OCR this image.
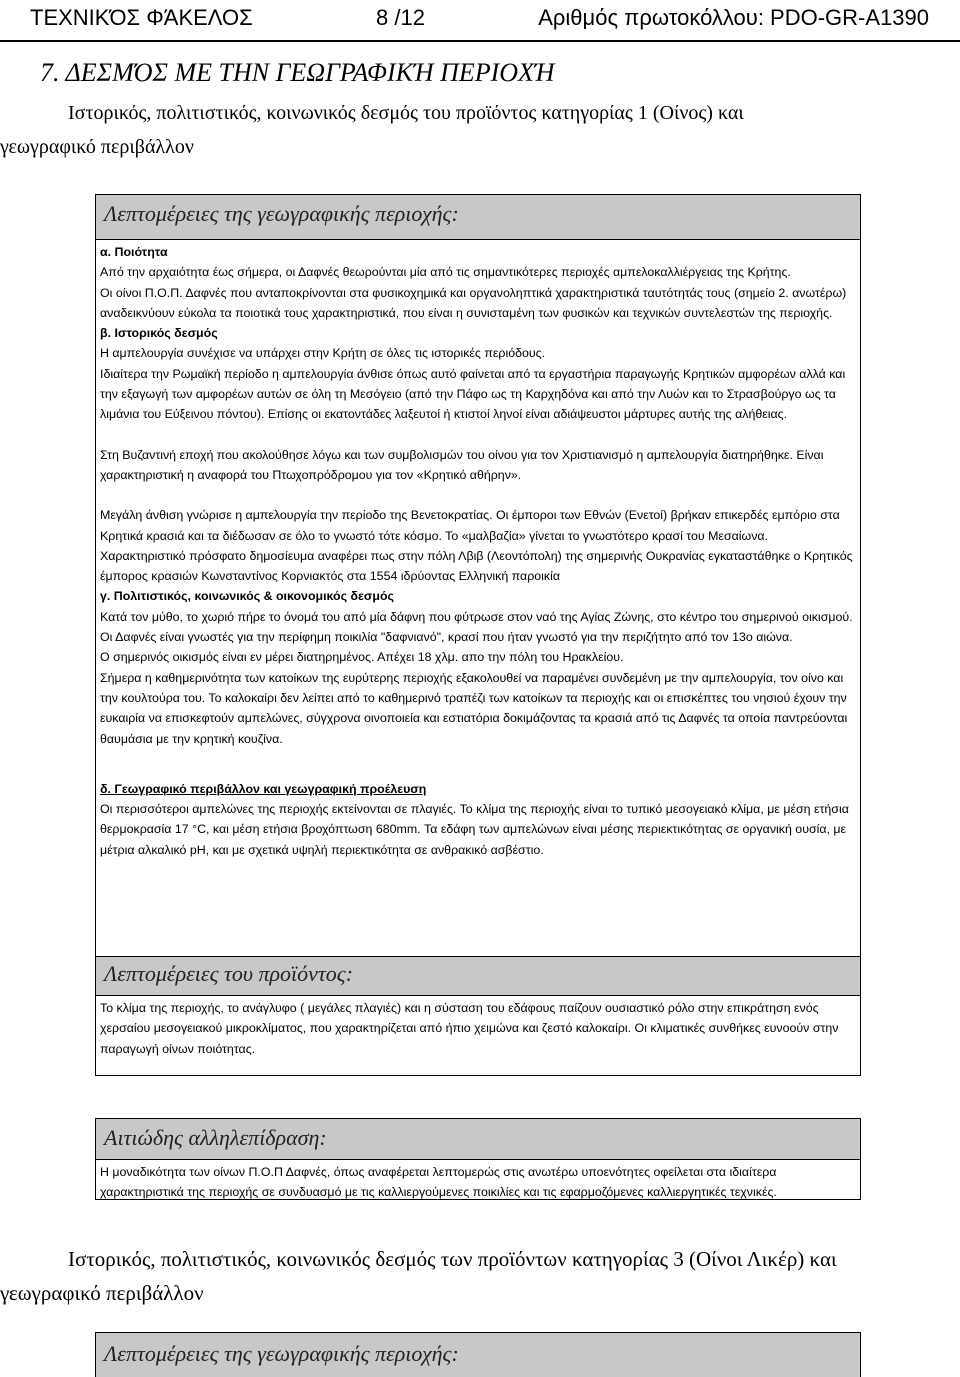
ΤΕΧΝΙΚΌΣ ΦΆΚΕΛΟΣ	8 /12	Αριθμός πρωτοκόλλου: PDO-GR-A1390
7. ΔΕΣΜΌΣ ΜΕ ΤΗΝ ΓΕΩΓΡΑΦΙΚΉ ΠΕΡΙΟΧΉ
Ιστορικός, πολιτιστικός, κοινωνικός δεσμός του προϊόντος κατηγορίας 1 (Οίνος) και
γεωγραφικό περιβάλλον
Λεπτομέρειες της γεωγραφικής περιοχής:

α. Ποιότητα

Από την αρχαιότητα έως σήμερα, οι Δαφνές θεωρούνται μία από τις σημαντικότερες περιοχές αμπελοκαλλιέργειας της Κρήτης.

Οι οίνοι Π.Ο.Π. Δαφνές που ανταποκρίνονται στα φυσικοχημικά και οργανοληπτικά χαρακτηριστικά ταυτότητάς τους (σημείο 2. ανωτέρω) αναδεικνύουν εύκολα τα ποιοτικά τους χαρακτηριστικά, που είναι η συνισταμένη των φυσικών και τεχνικών συντελεστών της περιοχής.

β. Ιστορικός δεσμός

Η αμπελουργία συνέχισε να υπάρχει στην Κρήτη σε όλες τις ιστορικές περιόδους.

Ιδιαίτερα την Ρωμαϊκή περίοδο η αμπελουργία άνθισε όπως αυτό φαίνεται από τα εργαστήρια παραγωγής Κρητικών αμφορέων αλλά και την εξαγωγή των αμφορέων αυτών σε όλη τη Μεσόγειο (από την Πάφο ως τη Καρχηδόνα και από την Λυών και το Στρασβούργο ως τα λιμάνια του Εύξεινου πόντου). Επίσης οι εκατοντάδες λαξευτοί ή κτιστοί ληνοί είναι αδιάψευστοι μάρτυρες αυτής της αλήθειας.

Στη Βυζαντινή εποχή που ακολούθησε λόγω και των συμβολισμών του οίνου για τον Χριστιανισμό η αμπελουργία διατηρήθηκε. Είναι χαρακτηριστική η αναφορά του Πτωχοπρόδρομου για τον «Κρητικό αθήρην».

Μεγάλη άνθιση γνώρισε η αμπελουργία την περίοδο της Βενετοκρατίας. Οι έμποροι των Εθνών (Ενετοί) βρήκαν επικερδές εμπόριο στα Κρητικά κρασιά και τα διέδωσαν σε όλο το γνωστό τότε κόσμο. Το «μαλβαζία» γίνεται το γνωστότερο κρασί του Μεσαίωνα. Χαρακτηριστικό πρόσφατο δημοσίευμα αναφέρει πως στην πόλη Λβιβ (Λεοντόπολη) της σημερινής Ουκρανίας εγκαταστάθηκε ο Κρητικός έμπορος κρασιών Κωνσταντίνος Κορνιακτός στα 1554 ιδρύοντας Ελληνική παροικία

γ. Πολιτιστικός, κοινωνικός & οικονομικός δεσμός

Κατά τον μύθο, το χωριό πήρε το όνομά του από μία δάφνη που φύτρωσε στον ναό της Αγίας Ζώνης, στο κέντρο του σημερινού οικισμού.

Οι Δαφνές είναι γνωστές για την περίφημη ποικιλία "δαφνιανό", κρασί που ήταν γνωστό για την περιζήτητο από τον 13ο αιώνα.

Ο σημερινός οικισμός είναι εν μέρει διατηρημένος. Απέχει 18 χλμ. απο την πόλη του Ηρακλείου.

Σήμερα η καθημερινότητα των κατοίκων της ευρύτερης περιοχής εξακολουθεί να παραμένει συνδεμένη με την αμπελουργία, τον οίνο και την κουλτούρα του. Το καλοκαίρι δεν λείπει από το καθημερινό τραπέζι των κατοίκων τα περιοχής και οι επισκέπτες του νησιού έχουν την ευκαιρία να επισκεφτούν αμπελώνες, σύγχρονα οινοποιεία και εστιατόρια δοκιμάζοντας τα κρασιά από τις Δαφνές τα οποία παντρεύονται θαυμάσια με την κρητική κουζίνα.

δ. Γεωγραφικό περιβάλλον και γεωγραφική προέλευση

Οι περισσότεροι αμπελώνες της περιοχής εκτείνονται σε πλαγιές. Το κλίμα της περιοχής είναι το τυπικό μεσογειακό κλίμα, με μέση ετήσια θερμοκρασία 17 °C, και μέση ετήσια βροχόπτωση 680mm. Τα εδάφη των αμπελώνων είναι μέσης περιεκτικότητας σε οργανική ουσία, με μέτρια αλκαλικό pH, και με σχετικά υψηλή περιεκτικότητα σε ανθρακικό ασβέστιο.

Λεπτομέρειες του προϊόντος:

Το κλίμα της περιοχής, το ανάγλυφο ( μεγάλες πλαγιές) και η σύσταση του εδάφους παίζουν ουσιαστικό ρόλο στην επικράτηση ενός χερσαίου μεσογειακού μικροκλίματος, που χαρακτηρίζεται από ήπιο χειμώνα και ζεστό καλοκαίρι. Οι κλιματικές συνθήκες ευνοούν στην παραγωγή οίνων ποιότητας.

Αιτιώδης αλληλεπίδραση:

Η μοναδικότητα των οίνων Π.Ο.Π Δαφνές, όπως αναφέρεται λεπτομερώς στις ανωτέρω υποενότητες οφείλεται στα ιδιαίτερα χαρακτηριστικά της περιοχής σε συνδυασμό με τις καλλιεργούμενες ποικιλίες και τις εφαρμοζόμενες καλλιεργητικές τεχνικές.

Ιστορικός, πολιτιστικός, κοινωνικός δεσμός των προϊόντων κατηγορίας 3 (Οίνοι Λικέρ) και
γεωγραφικό περιβάλλον
Λεπτομέρειες της γεωγραφικής περιοχής:
